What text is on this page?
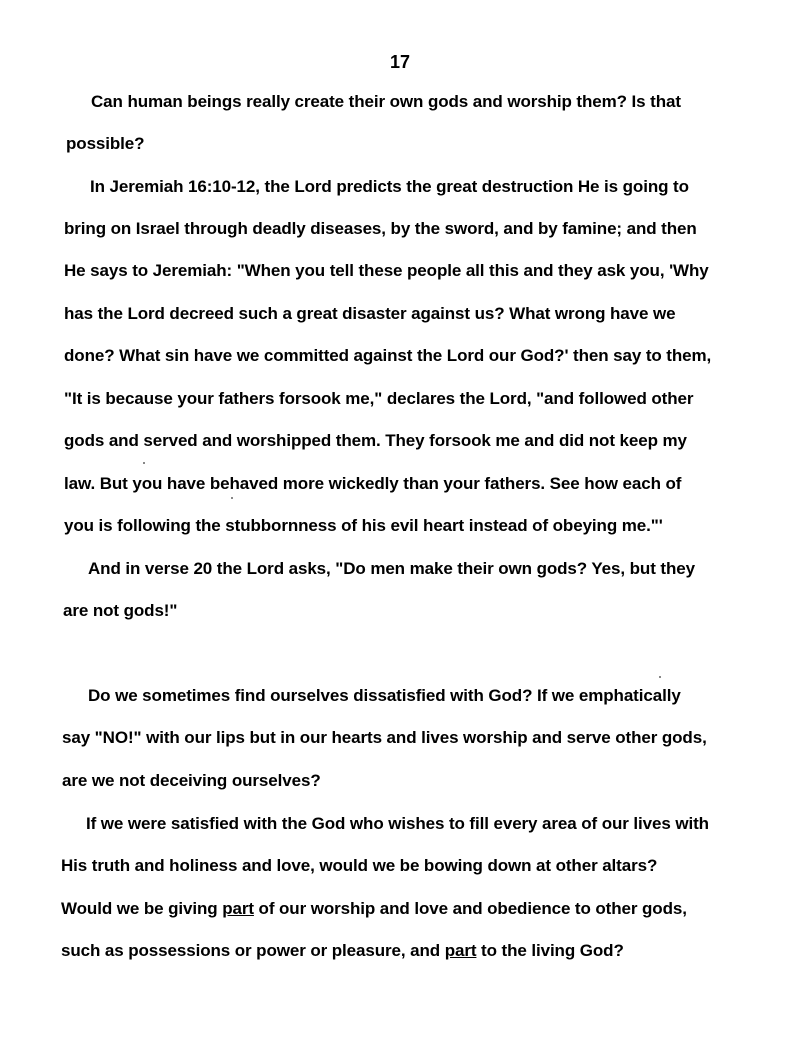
17
Can human beings really create their own gods and worship them? Is that
possible?
In Jeremiah 16:10-12, the Lord predicts the great destruction He is going to
bring on Israel through deadly diseases, by the sword, and by famine; and then
He says to Jeremiah: "When you tell these people all this and they ask you, 'Why
has the Lord decreed such a great disaster against us? What wrong have we
done? What sin have we committed against the Lord our God?' then say to them,
"It is because your fathers forsook me," declares the Lord, "and followed other
gods and served and worshipped them. They forsook me and did not keep my
law. But you have behaved more wickedly than your fathers. See how each of
you is following the stubbornness of his evil heart instead of obeying me."'
And in verse 20 the Lord asks, "Do men make their own gods? Yes, but they
are not gods!"
Do we sometimes find ourselves dissatisfied with God? If we emphatically
say "NO!" with our lips but in our hearts and lives worship and serve other gods,
are we not deceiving ourselves?
If we were satisfied with the God who wishes to fill every area of our lives with
His truth and holiness and love, would we be bowing down at other altars?
Would we be giving part of our worship and love and obedience to other gods,
such as possessions or power or pleasure, and part to the living God?
